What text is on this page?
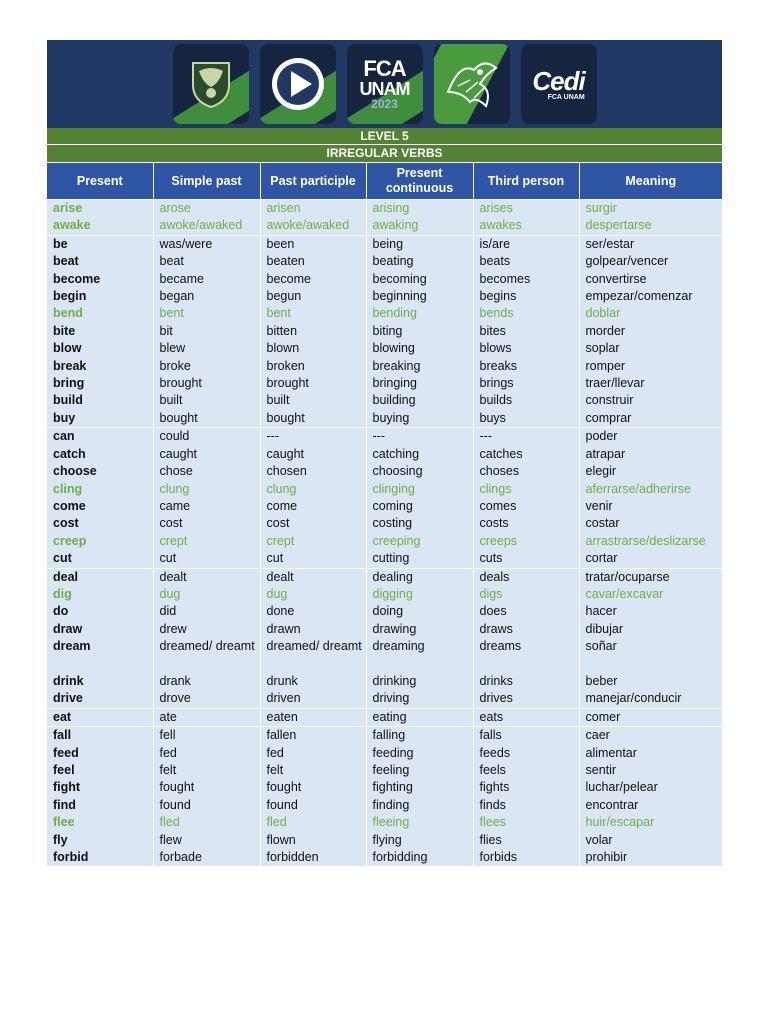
FCA
UNAM
2023
Cedi
FCA UNAM
LEVEL 5
IRREGULAR VERBS
Present	Simple past	Past participle	Present continuous	Third person	Meaning
arise	arose	arisen	arising	arises	surgir
awake	awoke/awaked	awoke/awaked	awaking	awakes	despertarse
be	was/were	been	being	is/are	ser/estar
beat	beat	beaten	beating	beats	golpear/vencer
become	became	become	becoming	becomes	convertirse
begin	began	begun	beginning	begins	empezar/comenzar
bend	bent	bent	bending	bends	doblar
bite	bit	bitten	biting	bites	morder
blow	blew	blown	blowing	blows	soplar
break	broke	broken	breaking	breaks	romper
bring	brought	brought	bringing	brings	traer/llevar
build	built	built	building	builds	construir
buy	bought	bought	buying	buys	comprar
can	could	---	---	---	poder
catch	caught	caught	catching	catches	atrapar
choose	chose	chosen	choosing	choses	elegir
cling	clung	clung	clinging	clings	aferrarse/adherirse
come	came	come	coming	comes	venir
cost	cost	cost	costing	costs	costar
creep	crept	crept	creeping	creeps	arrastrarse/deslizarse
cut	cut	cut	cutting	cuts	cortar
deal	dealt	dealt	dealing	deals	tratar/ocuparse
dig	dug	dug	digging	digs	cavar/excavar
do	did	done	doing	does	hacer
draw	drew	drawn	drawing	draws	dibujar
dream	dreamed/ dreamt	dreamed/ dreamt	dreaming	dreams	soñar
drink	drank	drunk	drinking	drinks	beber
drive	drove	driven	driving	drives	manejar/conducir
eat	ate	eaten	eating	eats	comer
fall	fell	fallen	falling	falls	caer
feed	fed	fed	feeding	feeds	alimentar
feel	felt	felt	feeling	feels	sentir
fight	fought	fought	fighting	fights	luchar/pelear
find	found	found	finding	finds	encontrar
flee	fled	fled	fleeing	flees	huir/escapar
fly	flew	flown	flying	flies	volar
forbid	forbade	forbidden	forbidding	forbids	prohibir
